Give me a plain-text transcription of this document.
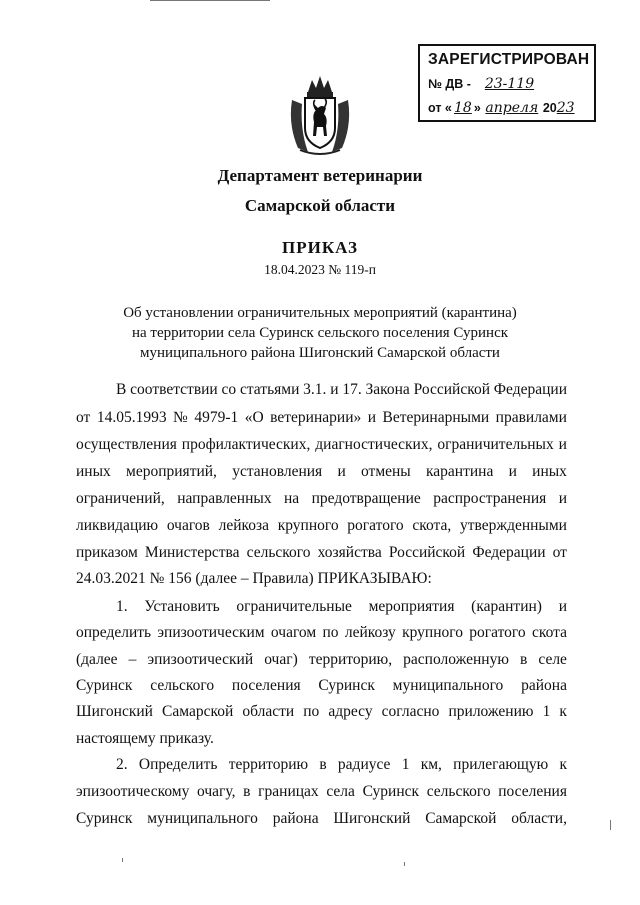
ЗАРЕГИСТРИРОВАН
№ ДВ - 23-119
от « 18 » апреля 2023
Департамент ветеринарии
Самарской области
ПРИКАЗ
18.04.2023 № 119-п
Об установлении ограничительных мероприятий (карантина)
на территории села Суринск сельского поселения Суринск
муниципального района Шигонский Самарской области
В соответствии со статьями 3.1. и 17. Закона Российской Федерации
от 14.05.1993 № 4979-1 «О ветеринарии» и Ветеринарными правилами
осуществления профилактических, диагностических, ограничительных и
иных мероприятий, установления и отмены карантина и иных
ограничений, направленных на предотвращение распространения и
ликвидацию очагов лейкоза крупного рогатого скота, утвержденными
приказом Министерства сельского хозяйства Российской Федерации от
24.03.2021 № 156 (далее – Правила) ПРИКАЗЫВАЮ:
1. Установить ограничительные мероприятия (карантин) и
определить эпизоотическим очагом по лейкозу крупного рогатого скота
(далее – эпизоотический очаг) территорию, расположенную в селе
Суринск сельского поселения Суринск муниципального района
Шигонский Самарской области по адресу согласно приложению 1 к
настоящему приказу.
2. Определить территорию в радиусе 1 км, прилегающую к
эпизоотическому очагу, в границах села Суринск сельского поселения
Суринск муниципального района Шигонский Самарской области,
